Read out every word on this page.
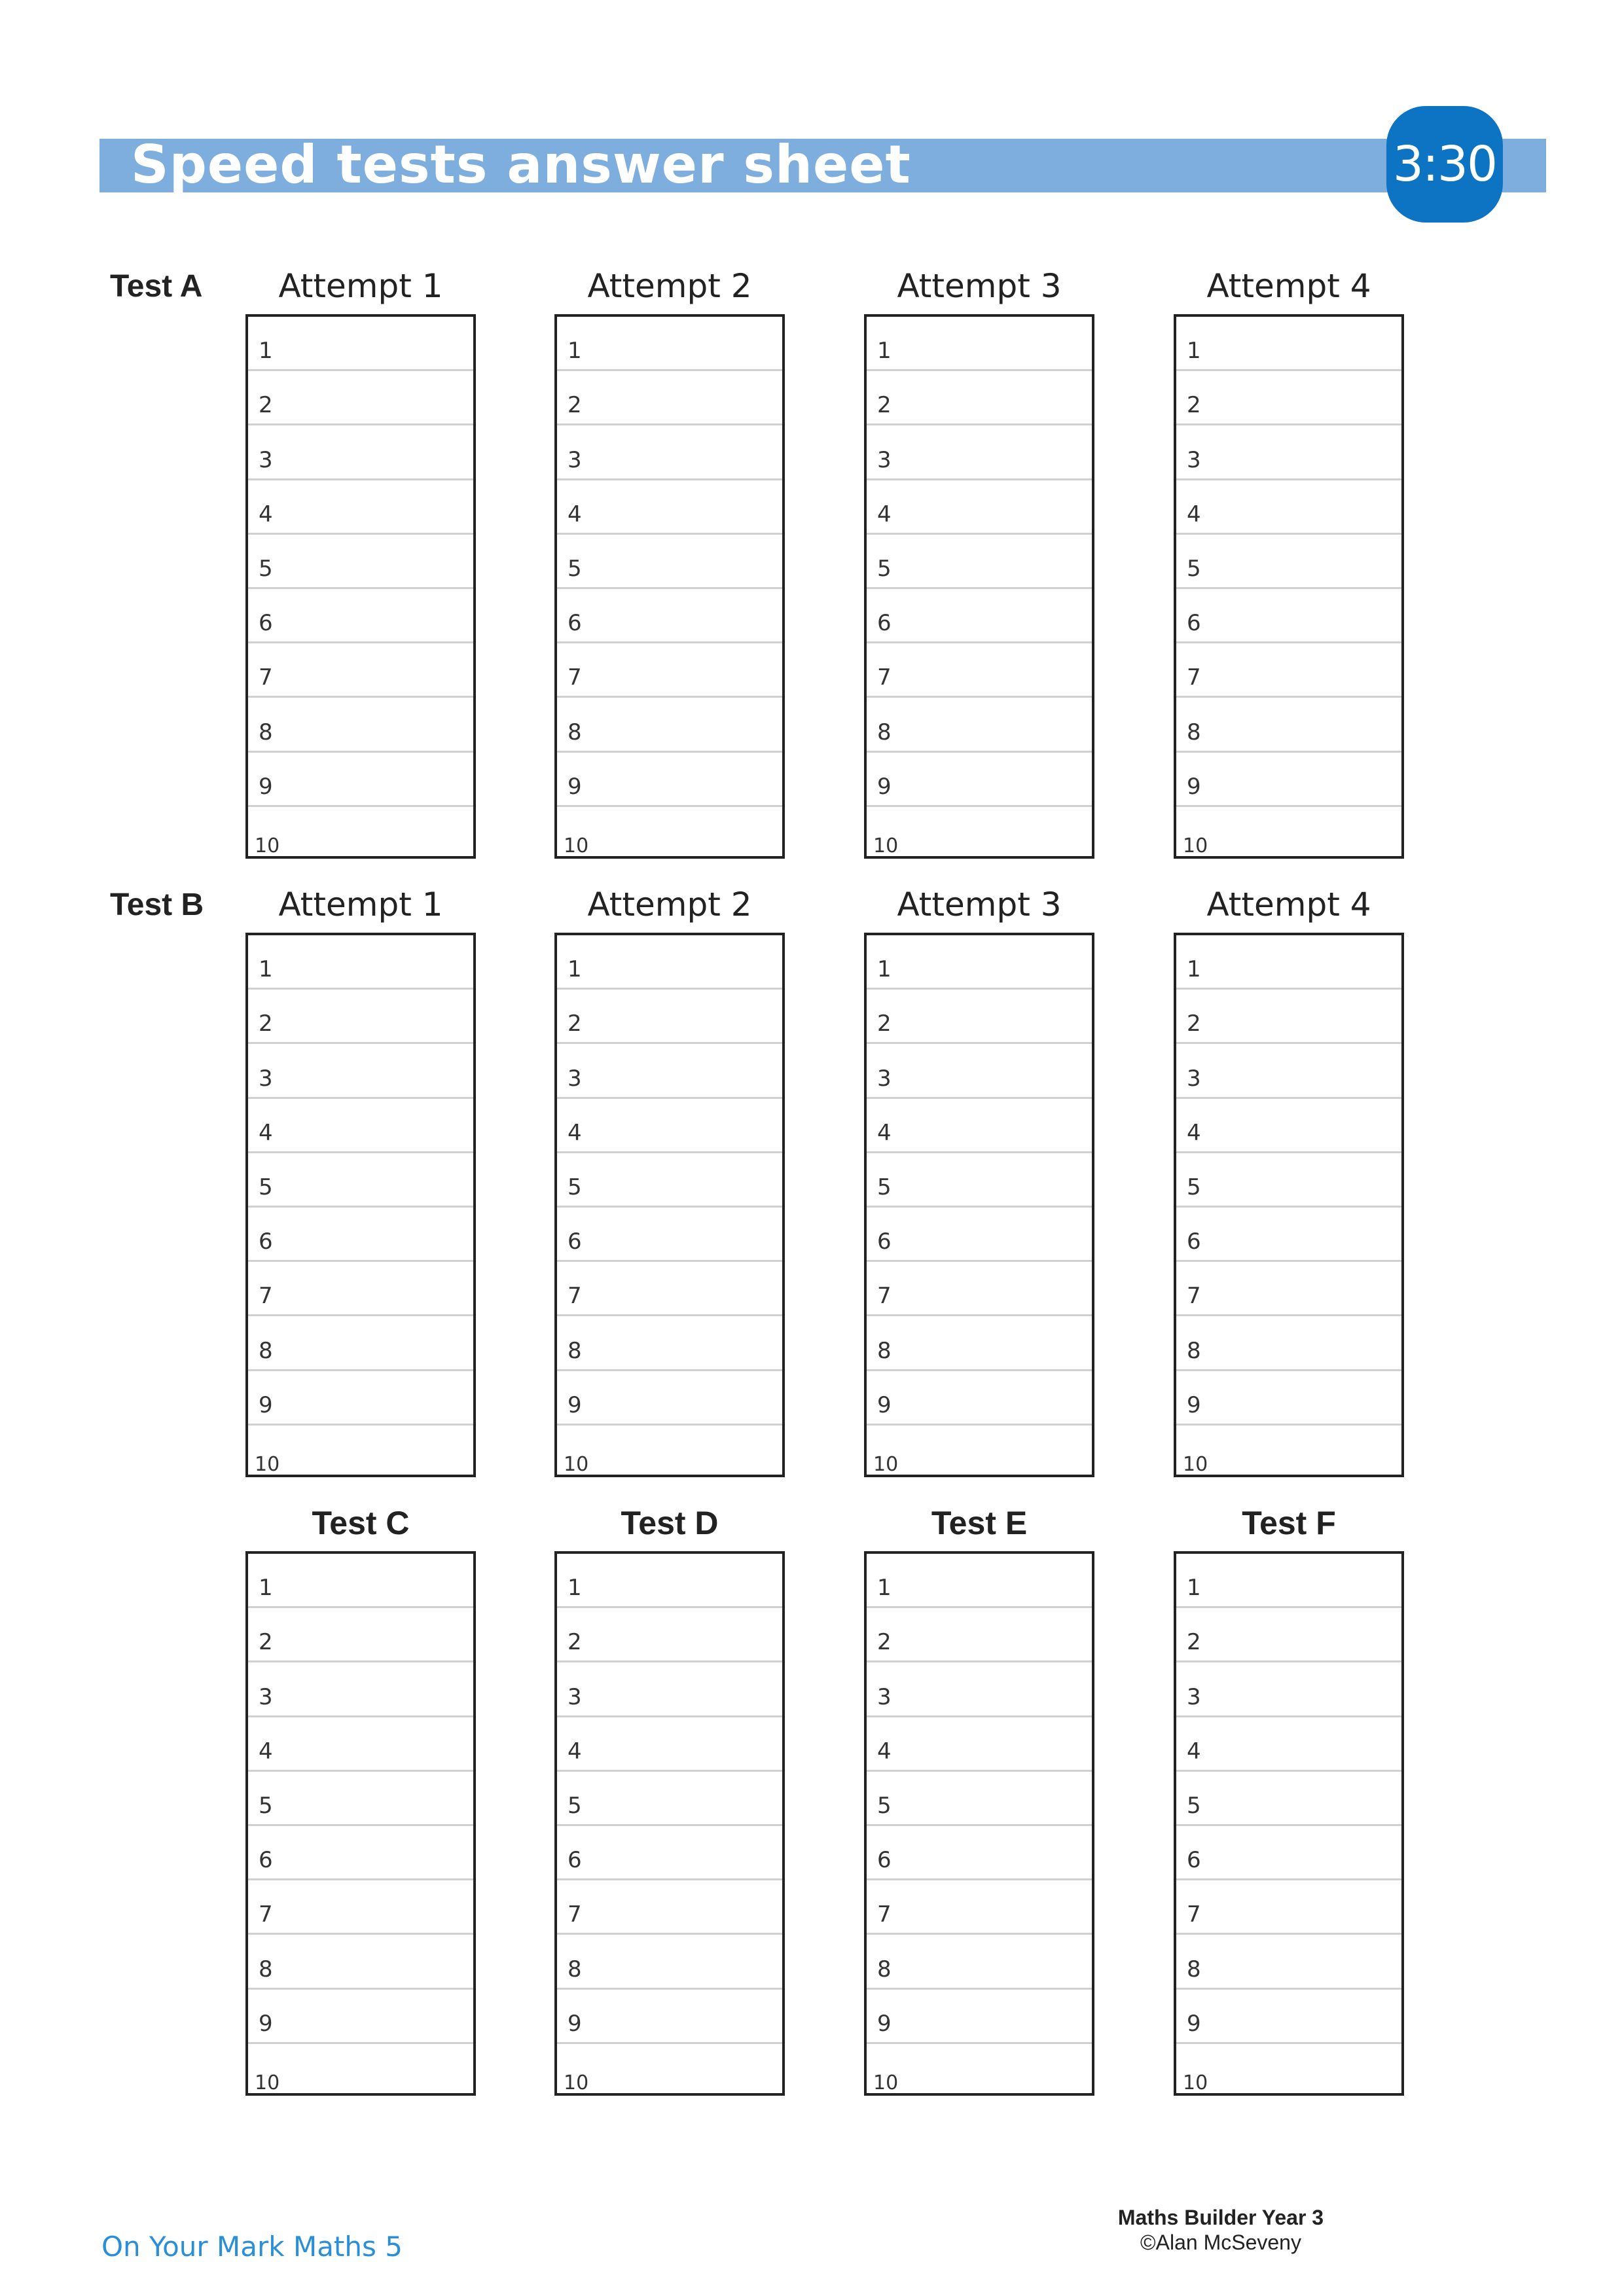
Speed tests answer sheet	3:30
Test A	Attempt 1
1
2
3
4
5
6
7
8
9
10
Attempt 2
1
2
3
4
5
6
7
8
9
10
Attempt 3
1
2
3
4
5
6
7
8
9
10
Attempt 4
1
2
3
4
5
6
7
8
9
10
Test B	Attempt 1
1
2
3
4
5
6
7
8
9
10
Attempt 2
1
2
3
4
5
6
7
8
9
10
Attempt 3
1
2
3
4
5
6
7
8
9
10
Attempt 4
1
2
3
4
5
6
7
8
9
10
Test C
1
2
3
4
5
6
7
8
9
10
Test D
1
2
3
4
5
6
7
8
9
10
Test E
1
2
3
4
5
6
7
8
9
10
Test F
1
2
3
4
5
6
7
8
9
10
On Your Mark Maths 5
Maths Builder Year 3
©Alan McSeveny
